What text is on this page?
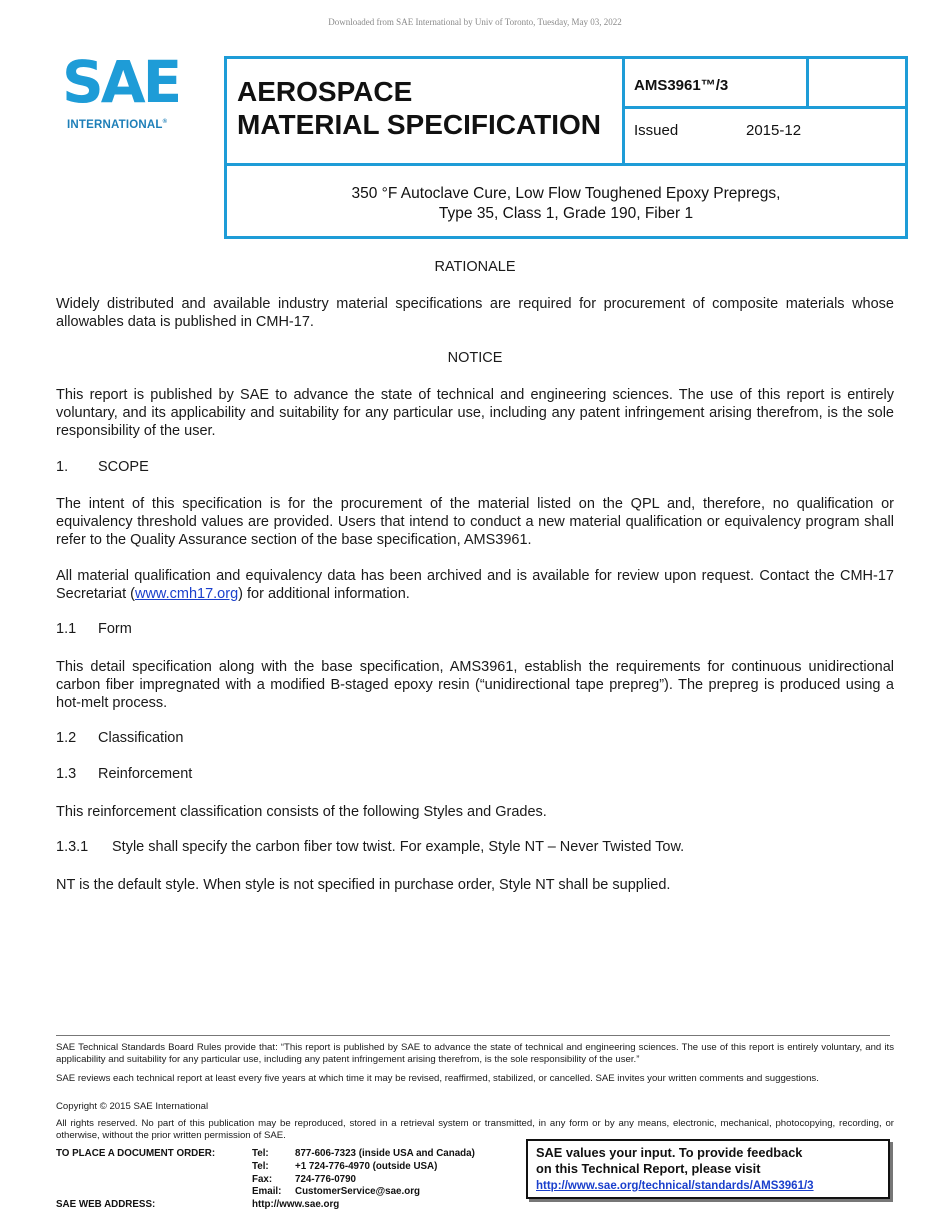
Downloaded from SAE International by Univ of Toronto, Tuesday, May 03, 2022
SAE
INTERNATIONAL®
AEROSPACE
MATERIAL SPECIFICATION
AMS3961™/3
Issued	2015-12
350 °F Autoclave Cure, Low Flow Toughened Epoxy Prepregs,
Type 35, Class 1, Grade 190, Fiber 1
RATIONALE
Widely distributed and available industry material specifications are required for procurement of composite materials whose allowables data is published in CMH-17.
NOTICE
This report is published by SAE to advance the state of technical and engineering sciences. The use of this report is entirely voluntary, and its applicability and suitability for any particular use, including any patent infringement arising therefrom, is the sole responsibility of the user.
1. SCOPE
The intent of this specification is for the procurement of the material listed on the QPL and, therefore, no qualification or equivalency threshold values are provided. Users that intend to conduct a new material qualification or equivalency program shall refer to the Quality Assurance section of the base specification, AMS3961.
All material qualification and equivalency data has been archived and is available for review upon request. Contact the CMH-17 Secretariat (www.cmh17.org) for additional information.
1.1 Form
This detail specification along with the base specification, AMS3961, establish the requirements for continuous unidirectional carbon fiber impregnated with a modified B-staged epoxy resin (“unidirectional tape prepreg”). The prepreg is produced using a hot-melt process.
1.2 Classification
1.3 Reinforcement
This reinforcement classification consists of the following Styles and Grades.
1.3.1 Style shall specify the carbon fiber tow twist. For example, Style NT – Never Twisted Tow.
NT is the default style. When style is not specified in purchase order, Style NT shall be supplied.
SAE Technical Standards Board Rules provide that: “This report is published by SAE to advance the state of technical and engineering sciences. The use of this report is entirely voluntary, and its applicability and suitability for any particular use, including any patent infringement arising therefrom, is the sole responsibility of the user.”
SAE reviews each technical report at least every five years at which time it may be revised, reaffirmed, stabilized, or cancelled. SAE invites your written comments and suggestions.
Copyright © 2015 SAE International
All rights reserved. No part of this publication may be reproduced, stored in a retrieval system or transmitted, in any form or by any means, electronic, mechanical, photocopying, recording, or otherwise, without the prior written permission of SAE.
TO PLACE A DOCUMENT ORDER:	Tel:	877-606-7323 (inside USA and Canada)
Tel:	+1 724-776-4970 (outside USA)
Fax: 724-776-0790
Email: CustomerService@sae.org
SAE WEB ADDRESS:	http://www.sae.org
SAE values your input. To provide feedback
on this Technical Report, please visit
http://www.sae.org/technical/standards/AMS3961/3
